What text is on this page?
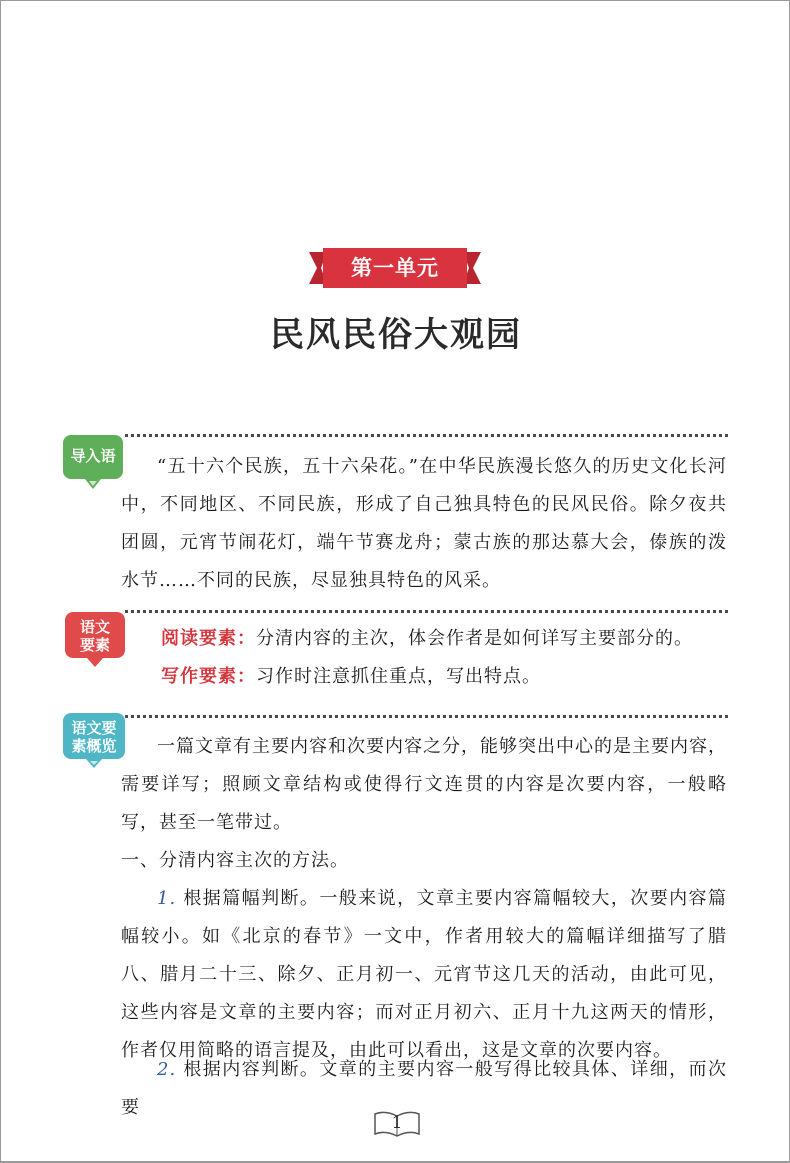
第一单元
民风民俗大观园
导入语	“五十六个民族，五十六朵花。”在中华民族漫长悠久的历史文化长河中，不同地区、不同民族，形成了自己独具特色的民风民俗。除夕夜共团圆，元宵节闹花灯，端午节赛龙舟；蒙古族的那达慕大会，傣族的泼水节……不同的民族，尽显独具特色的风采。

语文
要素	阅读要素：分清内容的主次，体会作者是如何详写主要部分的。

写作要素：习作时注意抓住重点，写出特点。

语文要
素概览	一篇文章有主要内容和次要内容之分，能够突出中心的是主要内容，需要详写；照顾文章结构或使得行文连贯的内容是次要内容，一般略写，甚至一笔带过。

一、分清内容主次的方法。

1. 根据篇幅判断。一般来说，文章主要内容篇幅较大，次要内容篇幅较小。如《北京的春节》一文中，作者用较大的篇幅详细描写了腊八、腊月二十三、除夕、正月初一、元宵节这几天的活动，由此可见，这些内容是文章的主要内容；而对正月初六、正月十九这两天的情形，作者仅用简略的语言提及，由此可以看出，这是文章的次要内容。

2. 根据内容判断。文章的主要内容一般写得比较具体、详细，而次要

1
